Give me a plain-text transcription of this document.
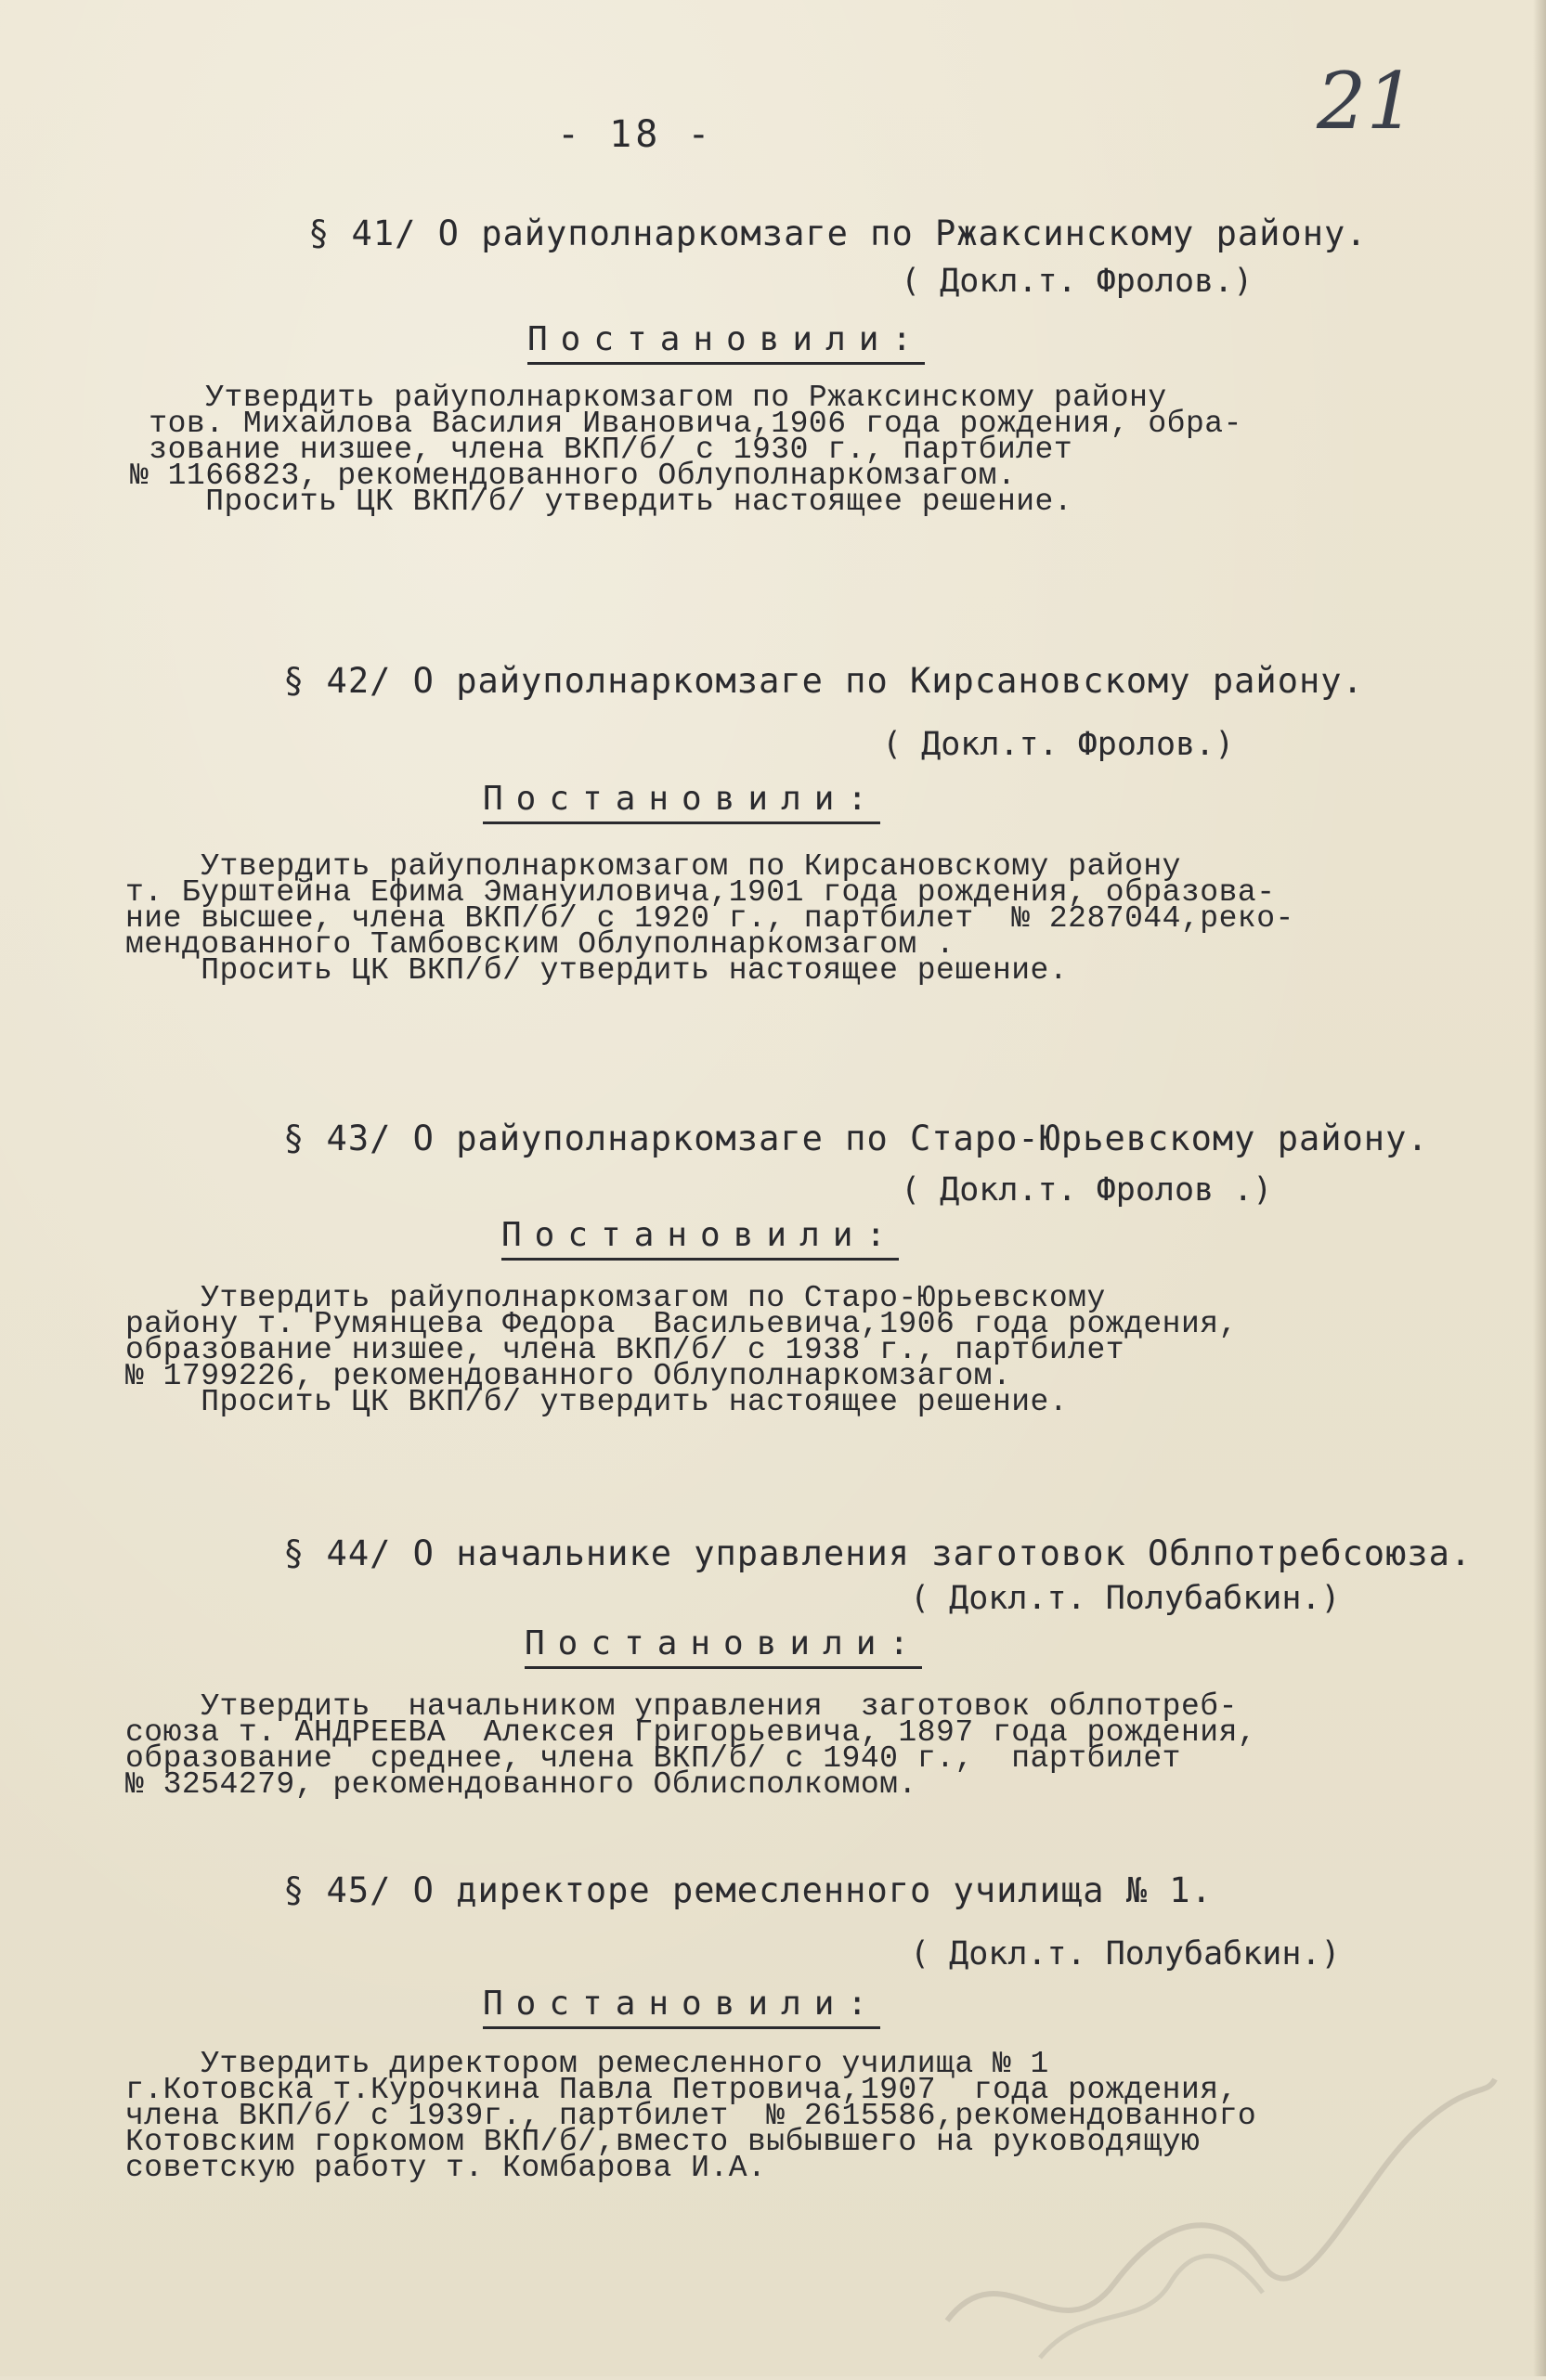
21
- 18 -
§ 41/ О райуполнаркомзаге по Ржаксинскому району.
( Докл.т. Фролов.)
Постановили:
Утвердить райуполнаркомзагом по Ржаксинскому району
тов. Михайлова Василия Ивановича,1906 года рождения, обра-
зование низшее, члена ВКП/б/ с 1930 г., партбилет
№ 1166823, рекомендованного Облуполнаркомзагом.
Просить ЦК ВКП/б/ утвердить настоящее решение.
§ 42/ О райуполнаркомзаге по Кирсановскому району.
( Докл.т. Фролов.)
Постановили:
Утвердить райуполнаркомзагом по Кирсановскому району
т. Бурштейна Ефима Эмануиловича,1901 года рождения, образова-
ние высшее, члена ВКП/б/ с 1920 г., партбилет  № 2287044,реко-
мендованного Тамбовским Облуполнаркомзагом .
Просить ЦК ВКП/б/ утвердить настоящее решение.
§ 43/ О райуполнаркомзаге по Старо-Юрьевскому району.
( Докл.т. Фролов .)
Постановили:
Утвердить райуполнаркомзагом по Старо-Юрьевскому
району т. Румянцева Федора  Васильевича,1906 года рождения,
образование низшее, члена ВКП/б/ с 1938 г., партбилет
№ 1799226, рекомендованного Облуполнаркомзагом.
Просить ЦК ВКП/б/ утвердить настоящее решение.
§ 44/ О начальнике управления заготовок Облпотребсоюза.
( Докл.т. Полубабкин.)
Постановили:
Утвердить  начальником управления  заготовок облпотреб-
союза т. АНДРЕЕВА  Алексея Григорьевича, 1897 года рождения,
образование  среднее, члена ВКП/б/ с 1940 г.,  партбилет
№ 3254279, рекомендованного Облисполкомом.
§ 45/ О директоре ремесленного училища № 1.
( Докл.т. Полубабкин.)
Постановили:
Утвердить директором ремесленного училища № 1
г.Котовска т.Курочкина Павла Петровича,1907  года рождения,
члена ВКП/б/ с 1939г., партбилет  № 2615586,рекомендованного
Котовским горкомом ВКП/б/,вместо выбывшего на руководящую
советскую работу т. Комбарова И.А.
